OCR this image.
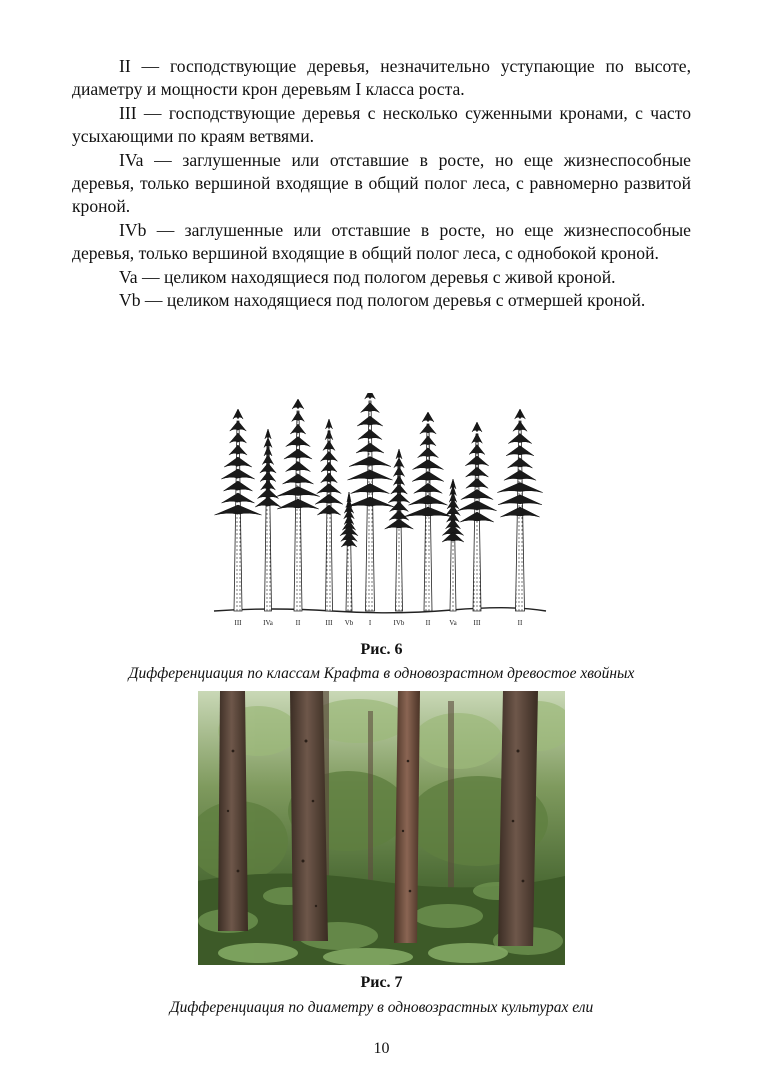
II — господствующие деревья, незначительно уступающие по высоте, диаметру и мощности крон деревьям I класса роста.

III — господствующие деревья с несколько суженными кронами, с часто усыхающими по краям ветвями.

IVa — заглушенные или отставшие в росте, но еще жизнеспособные деревья, только вершиной входящие в общий полог леса, с равномерно развитой кроной.

IVb — заглушенные или отставшие в росте, но еще жизнеспособные деревья, только вершиной входящие в общий полог леса, с однобокой кроной.

Va — целиком находящиеся под пологом деревья с живой кроной.

Vb — целиком находящиеся под пологом деревья с отмершей кроной.

III	IVa	II	III Vb I	IVb	II	Va III	II
Рис. 6
Дифференциация по классам Крафта в одновозрастном древостое хвойных
Рис. 7
Дифференциация по диаметру в одновозрастных культурах ели
10
